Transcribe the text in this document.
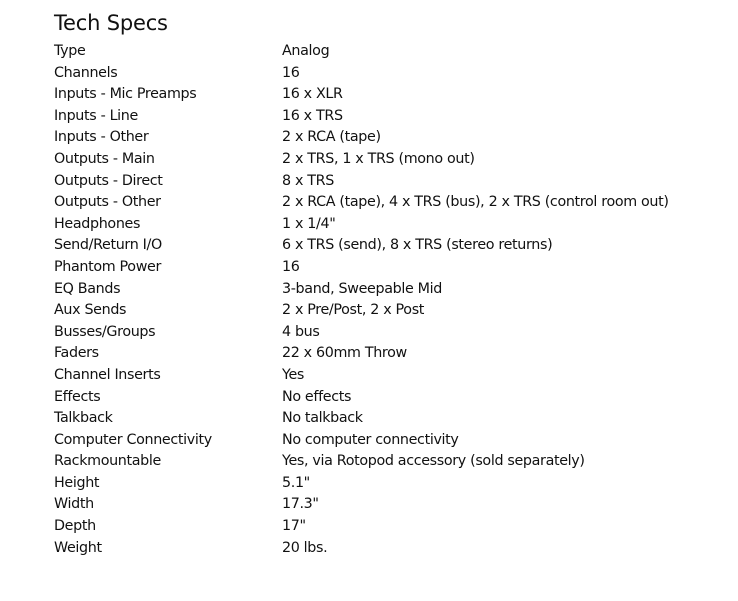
Tech Specs
Type	Analog
Channels	16
Inputs - Mic Preamps	16 x XLR
Inputs - Line	16 x TRS
Inputs - Other	2 x RCA (tape)
Outputs - Main	2 x TRS, 1 x TRS (mono out)
Outputs - Direct	8 x TRS
Outputs - Other	2 x RCA (tape), 4 x TRS (bus), 2 x TRS (control room out)
Headphones	1 x 1/4"
Send/Return I/O	6 x TRS (send), 8 x TRS (stereo returns)
Phantom Power	16
EQ Bands	3-band, Sweepable Mid
Aux Sends	2 x Pre/Post, 2 x Post
Busses/Groups	4 bus
Faders	22 x 60mm Throw
Channel Inserts	Yes
Effects	No effects
Talkback	No talkback
Computer Connectivity	No computer connectivity
Rackmountable	Yes, via Rotopod accessory (sold separately)
Height	5.1"
Width	17.3"
Depth	17"
Weight	20 lbs.
